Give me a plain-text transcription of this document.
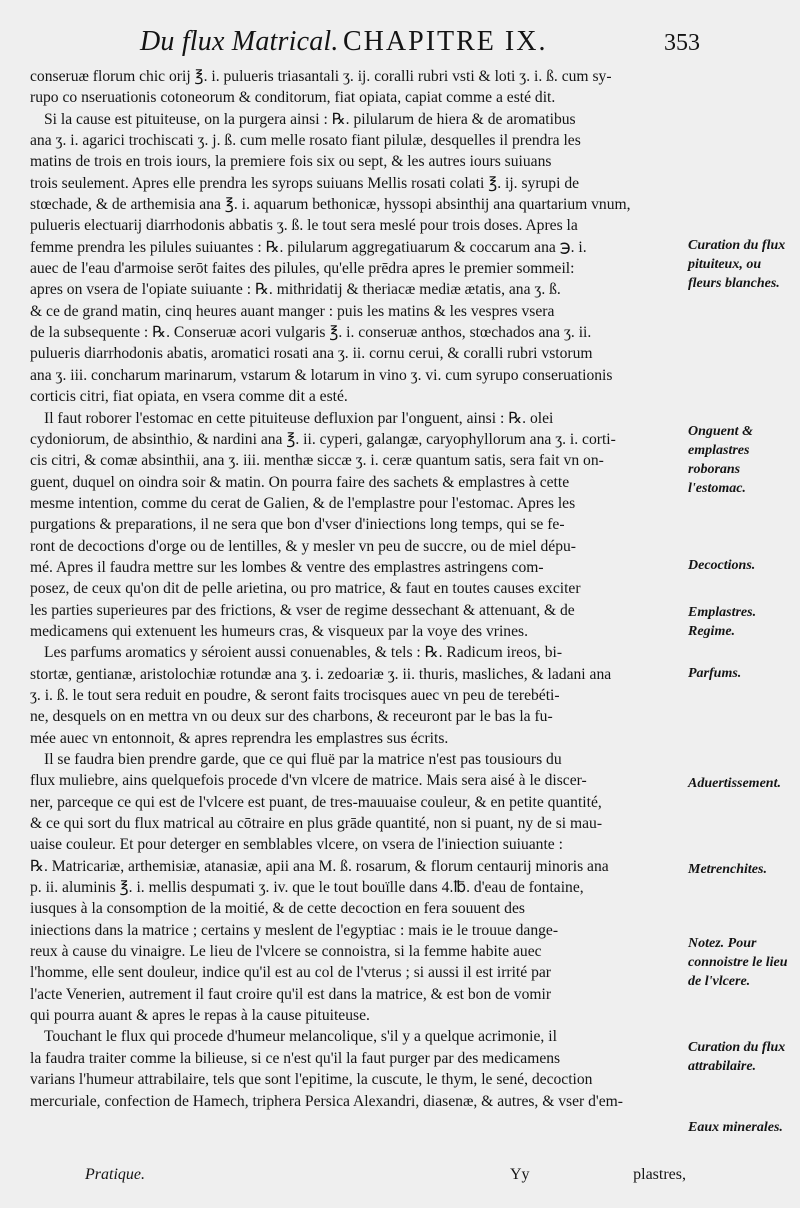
Du flux Matrical. CHAPITRE IX.	353
conseruæ florum chic orij ℥. i. pulueris triasantali ʒ. ij. coralli rubri vsti & loti ʒ. i. ß. cum sy-
rupo co nseruationis cotoneorum & conditorum, fiat opiata, capiat comme a esté dit.
Si la cause est pituiteuse, on la purgera ainsi : ℞. pilularum de hiera & de aromatibus
ana ʒ. i. agarici trochiscati ʒ. j. ß. cum melle rosato fiant pilulæ, desquelles il prendra les
matins de trois en trois iours, la premiere fois six ou sept, & les autres iours suiuans
trois seulement. Apres elle prendra les syrops suiuans Mellis rosati colati ℥. ij. syrupi de
stœchade, & de arthemisia ana ℥. i. aquarum bethonicæ, hyssopi absinthij ana quartarium vnum,
pulueris electuarij diarrhodonis abbatis ʒ. ß. le tout sera meslé pour trois doses. Apres la
femme prendra les pilules suiuantes : ℞. pilularum aggregatiuarum & coccarum ana ℈. i.
auec de l'eau d'armoise serōt faites des pilules, qu'elle prēdra apres le premier sommeil:
apres on vsera de l'opiate suiuante : ℞. mithridatij & theriacæ mediæ ætatis, ana ʒ. ß.
& ce de grand matin, cinq heures auant manger : puis les matins & les vespres vsera
de la subsequente : ℞. Conseruæ acori vulgaris ℥. i. conseruæ anthos, stœchados ana ʒ. ii.
pulueris diarrhodonis abatis, aromatici rosati ana ʒ. ii. cornu cerui, & coralli rubri vstorum
ana ʒ. iii. concharum marinarum, vstarum & lotarum in vino ʒ. vi. cum syrupo conseruationis
corticis citri, fiat opiata, en vsera comme dit a esté.
Il faut roborer l'estomac en cette pituiteuse defluxion par l'onguent, ainsi : ℞. olei
cydoniorum, de absinthio, & nardini ana ℥. ii. cyperi, galangæ, caryophyllorum ana ʒ. i. corti-
cis citri, & comæ absinthii, ana ʒ. iii. menthæ siccæ ʒ. i. ceræ quantum satis, sera fait vn on-
guent, duquel on oindra soir & matin. On pourra faire des sachets & emplastres à cette
mesme intention, comme du cerat de Galien, & de l'emplastre pour l'estomac. Apres les
purgations & preparations, il ne sera que bon d'vser d'iniections long temps, qui se fe-
ront de decoctions d'orge ou de lentilles, & y mesler vn peu de succre, ou de miel dépu-
mé. Apres il faudra mettre sur les lombes & ventre des emplastres astringens com-
posez, de ceux qu'on dit de pelle arietina, ou pro matrice, & faut en toutes causes exciter
les parties superieures par des frictions, & vser de regime dessechant & attenuant, & de
medicamens qui extenuent les humeurs cras, & visqueux par la voye des vrines.
Les parfums aromatics y séroient aussi conuenables, & tels : ℞. Radicum ireos, bi-
stortæ, gentianæ, aristolochiæ rotundæ ana ʒ. i. zedoariæ ʒ. ii. thuris, masliches, & ladani ana
ʒ. i. ß. le tout sera reduit en poudre, & seront faits trocisques auec vn peu de terebéti-
ne, desquels on en mettra vn ou deux sur des charbons, & receuront par le bas la fu-
mée auec vn entonnoit, & apres reprendra les emplastres sus écrits.
Il se faudra bien prendre garde, que ce qui fluë par la matrice n'est pas tousiours du
flux muliebre, ains quelquefois procede d'vn vlcere de matrice. Mais sera aisé à le discer-
ner, parceque ce qui est de l'vlcere est puant, de tres-mauuaise couleur, & en petite quantité,
& ce qui sort du flux matrical au cōtraire en plus grāde quantité, non si puant, ny de si mau-
uaise couleur. Et pour deterger en semblables vlcere, on vsera de l'iniection suiuante :
℞. Matricariæ, arthemisiæ, atanasiæ, apii ana M. ß. rosarum, & florum centaurij minoris ana
p. ii. aluminis ℥. i. mellis despumati ʒ. iv. que le tout bouïlle dans 4.℔. d'eau de fontaine,
iusques à la consomption de la moitié, & de cette decoction en fera souuent des
iniections dans la matrice ; certains y meslent de l'egyptiac : mais ie le trouue dange-
reux à cause du vinaigre. Le lieu de l'vlcere se connoistra, si la femme habite auec
l'homme, elle sent douleur, indice qu'il est au col de l'vterus ; si aussi il est irrité par
l'acte Venerien, autrement il faut croire qu'il est dans la matrice, & est bon de vomir
qui pourra auant & apres le repas à la cause pituiteuse.
Touchant le flux qui procede d'humeur melancolique, s'il y a quelque acrimonie, il
la faudra traiter comme la bilieuse, si ce n'est qu'il la faut purger par des medicamens
varians l'humeur attrabilaire, tels que sont l'epitime, la cuscute, le thym, le sené, decoction
mercuriale, confection de Hamech, triphera Persica Alexandri, diasenæ, & autres, & vser d'em-
Curation du flux pituiteux, ou fleurs blanches.
Onguent & emplastres roborans l'estomac.
Decoctions.
Emplastres. Regime.
Parfums.
Aduertissement.
Metrenchites.
Notez. Pour connoistre le lieu de l'vlcere.
Curation du flux attrabilaire.
Eaux minerales.
Pratique.	Yy	plastres,
